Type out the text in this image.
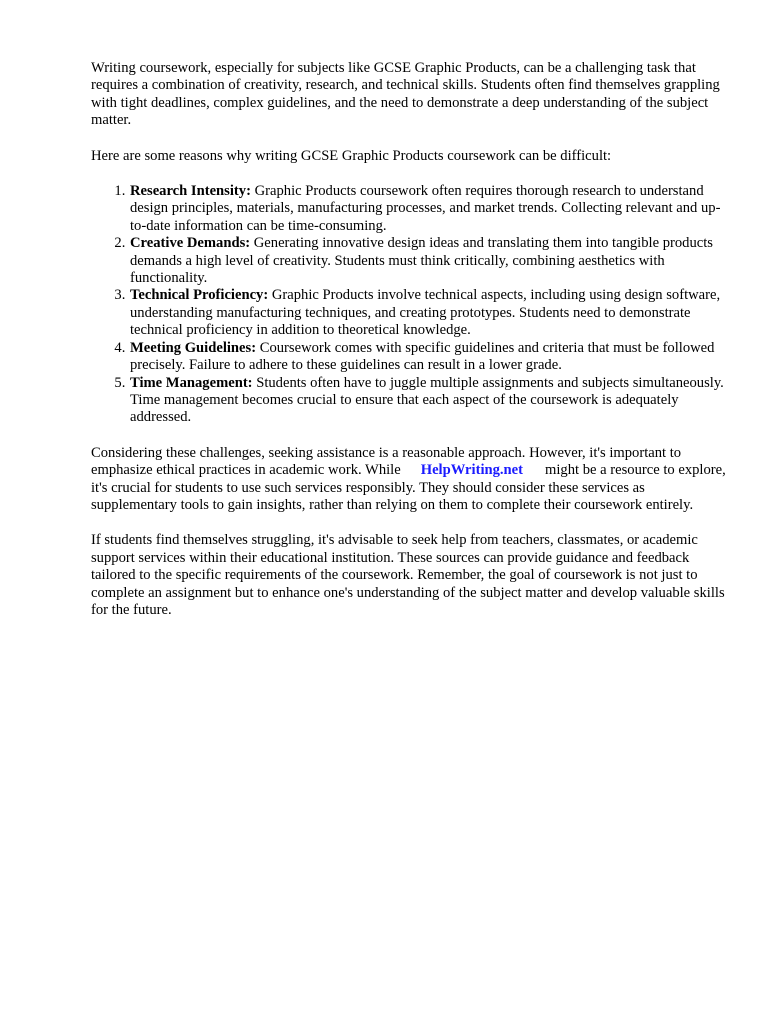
Writing coursework, especially for subjects like GCSE Graphic Products, can be a challenging task that requires a combination of creativity, research, and technical skills. Students often find themselves grappling with tight deadlines, complex guidelines, and the need to demonstrate a deep understanding of the subject matter.

Here are some reasons why writing GCSE Graphic Products coursework can be difficult:

1. Research Intensity: Graphic Products coursework often requires thorough research to understand design principles, materials, manufacturing processes, and market trends. Collecting relevant and up-to-date information can be time-consuming.
2. Creative Demands: Generating innovative design ideas and translating them into tangible products demands a high level of creativity. Students must think critically, combining aesthetics with functionality.
3. Technical Proficiency: Graphic Products involve technical aspects, including using design software, understanding manufacturing techniques, and creating prototypes. Students need to demonstrate technical proficiency in addition to theoretical knowledge.
4. Meeting Guidelines: Coursework comes with specific guidelines and criteria that must be followed precisely. Failure to adhere to these guidelines can result in a lower grade.
5. Time Management: Students often have to juggle multiple assignments and subjects simultaneously. Time management becomes crucial to ensure that each aspect of the coursework is adequately addressed.

Considering these challenges, seeking assistance is a reasonable approach. However, it's important to emphasize ethical practices in academic work. While HelpWriting.net might be a resource to explore, it's crucial for students to use such services responsibly. They should consider these services as supplementary tools to gain insights, rather than relying on them to complete their coursework entirely.

If students find themselves struggling, it's advisable to seek help from teachers, classmates, or academic support services within their educational institution. These sources can provide guidance and feedback tailored to the specific requirements of the coursework. Remember, the goal of coursework is not just to complete an assignment but to enhance one's understanding of the subject matter and develop valuable skills for the future.
